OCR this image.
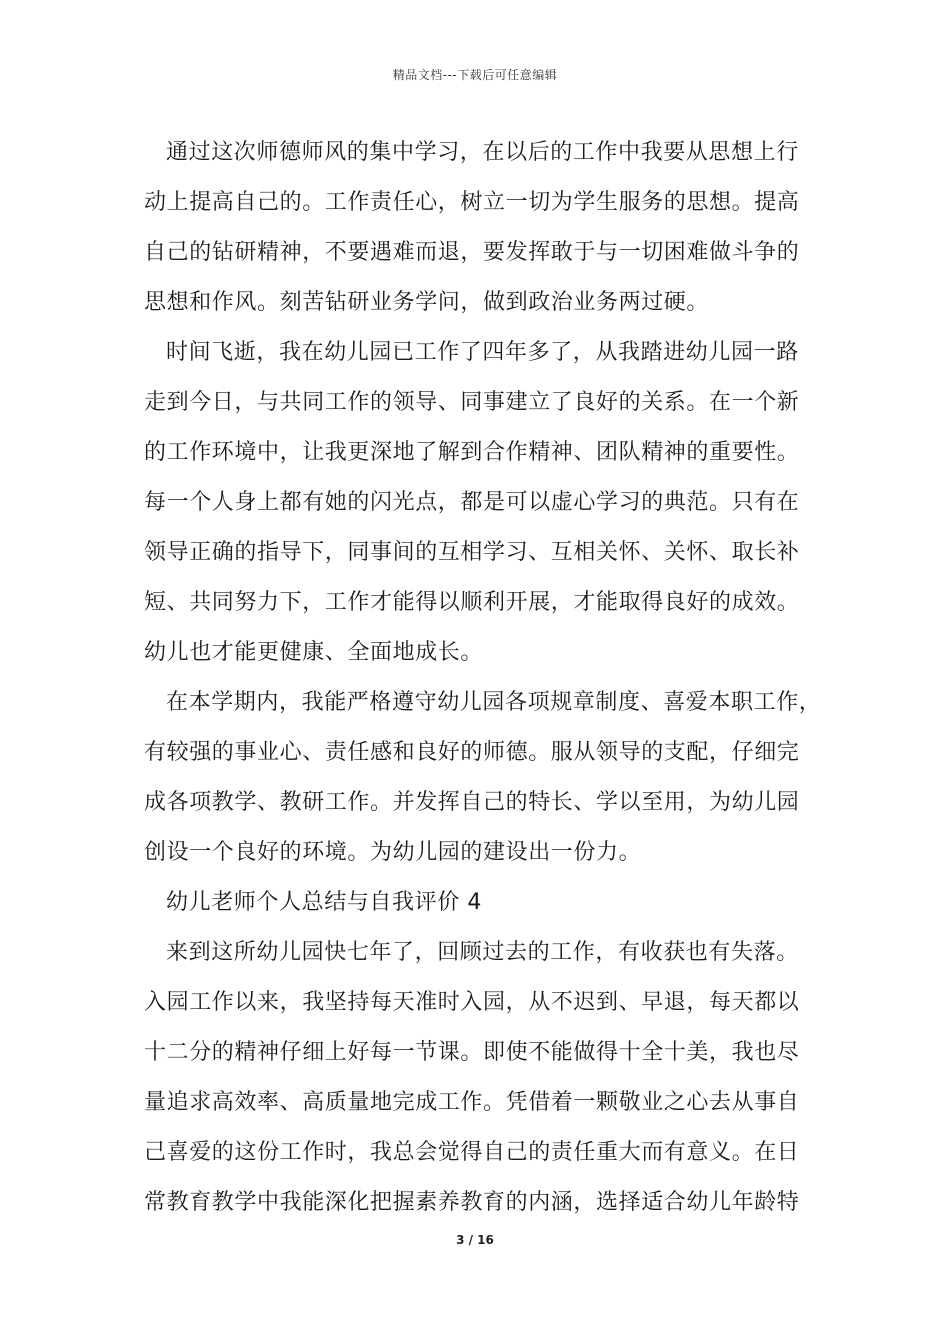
精品文档---下载后可任意编辑
通过这次师德师风的集中学习，在以后的工作中我要从思想上行
动上提高自己的。工作责任心，树立一切为学生服务的思想。提高
自己的钻研精神，不要遇难而退，要发挥敢于与一切困难做斗争的
思想和作风。刻苦钻研业务学问，做到政治业务两过硬。
时间飞逝，我在幼儿园已工作了四年多了，从我踏进幼儿园一路
走到今日，与共同工作的领导、同事建立了良好的关系。在一个新
的工作环境中，让我更深地了解到合作精神、团队精神的重要性。
每一个人身上都有她的闪光点，都是可以虚心学习的典范。只有在
领导正确的指导下，同事间的互相学习、互相关怀、关怀、取长补
短、共同努力下，工作才能得以顺利开展，才能取得良好的成效。
幼儿也才能更健康、全面地成长。
在本学期内，我能严格遵守幼儿园各项规章制度、喜爱本职工作，
有较强的事业心、责任感和良好的师德。服从领导的支配，仔细完
成各项教学、教研工作。并发挥自己的特长、学以至用，为幼儿园
创设一个良好的环境。为幼儿园的建设出一份力。
幼儿老师个人总结与自我评价 4
来到这所幼儿园快七年了，回顾过去的工作，有收获也有失落。
入园工作以来，我坚持每天准时入园，从不迟到、早退，每天都以
十二分的精神仔细上好每一节课。即使不能做得十全十美，我也尽
量追求高效率、高质量地完成工作。凭借着一颗敬业之心去从事自
己喜爱的这份工作时，我总会觉得自己的责任重大而有意义。在日
常教育教学中我能深化把握素养教育的内涵，选择适合幼儿年龄特
3 / 16
